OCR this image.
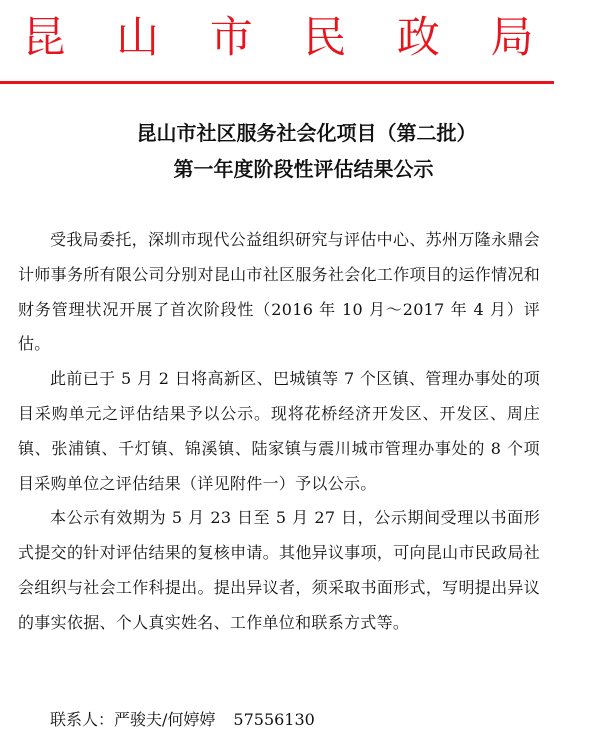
昆 山 市 民 政 局
昆山市社区服务社会化项目（第二批）
第一年度阶段性评估结果公示

受我局委托，深圳市现代公益组织研究与评估中心、苏州万隆永鼎会计师事务所有限公司分别对昆山市社区服务社会化工作项目的运作情况和财务管理状况开展了首次阶段性（2016 年 10 月～2017 年 4 月）评估。

此前已于 5 月 2 日将高新区、巴城镇等 7 个区镇、管理办事处的项目采购单元之评估结果予以公示。现将花桥经济开发区、开发区、周庄镇、张浦镇、千灯镇、锦溪镇、陆家镇与震川城市管理办事处的 8 个项目采购单位之评估结果（详见附件一）予以公示。

本公示有效期为 5 月 23 日至 5 月 27 日，公示期间受理以书面形式提交的针对评估结果的复核申请。其他异议事项，可向昆山市民政局社会组织与社会工作科提出。提出异议者，须采取书面形式，写明提出异议的事实依据、个人真实姓名、工作单位和联系方式等。

联系人：严骏夫/何婷婷 57556130
